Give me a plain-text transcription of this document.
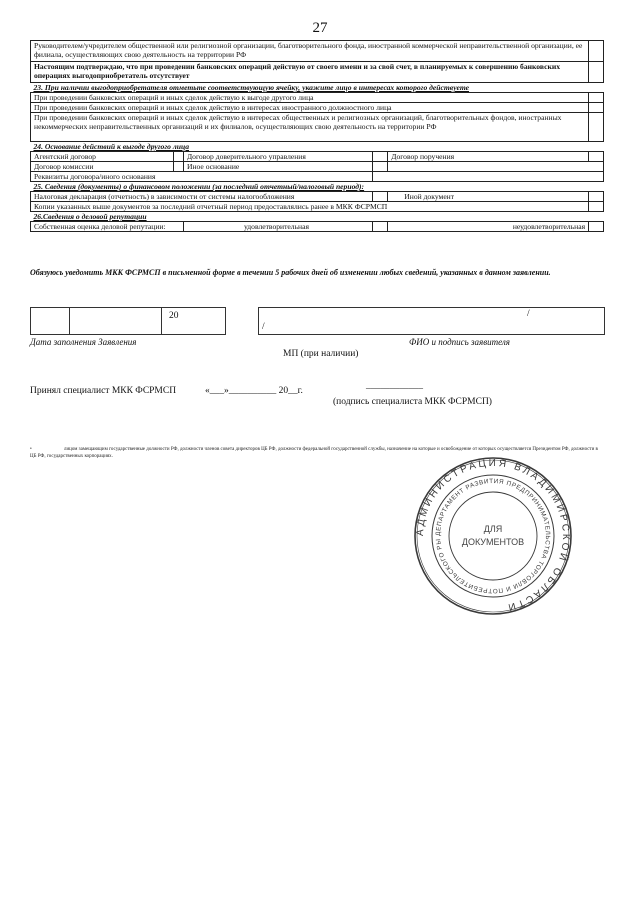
27
Руководителем/учредителем общественной или религиозной организации, благотворительного фонда, иностранной коммерческой неправительственной организации, ее филиала, осуществляющих свою деятельность на территории РФ					
Настоящим подтверждаю, что при проведении банковских операций действую от своего имени и за свой счет, в планируемых к совершению банковских операциях выгодоприобретатель отсутствует					
23. При наличии выгодоприобретателя отметьте соответствующую ячейку, укажите лицо в интересах которого действуете					
При проведении банковских операций и иных сделок действую к выгоде другого лица					
При проведении банковских операций и иных сделок действую в интересах иностранного должностного лица					
При проведении банковских операций и иных сделок действую в интересах общественных и религиозных организаций, благотворительных фондов, иностранных некоммерческих неправительственных организаций и их филиалов, осуществляющих свою деятельность на территории РФ					
24. Основание действий к выгоде другого лица					
Агентский договор		Договор доверительного управления		Договор поручения	
Договор комиссии		Иное основание			
Реквизиты договора/иного основания					
25. Сведения (документы) о финансовом положении (за последний отчетный/налоговый период):					
Налоговая декларация (отчетность) в зависимости от системы налогообложения				Иной документ	
Копии указанных выше документов за последний отчетный период предоставлялись ранее в МКК ФСРМСП					
26.Сведения о деловой репутации					
Собственная оценка деловой репутации:		удовлетворительная		неудовлетворительная	
Обязуюсь уведомить МКК ФСРМСП в письменной форме в течении 5 рабочих дней об изменении любых сведений, указанных в данном заявлении.
20
/
/
Дата заполнения Заявления	ФИО и подпись заявителя
МП (при наличии)
Принял специалист МКК ФСРМСП	«___»__________ 20__г.	____________
(подпись специалиста МКК ФСРМСП)
•	лицом замещающим государственные должности РФ, должности членов совета директоров ЦБ РФ, должности федеральной государственной службы, назначение на которые и освобождение от которых осуществляется Президентом РФ, должности в ЦБ РФ, государственных корпорациях.
АДМИНИСТРАЦИЯ ВЛАДИМИРСКОЙ ОБЛАСТИ
ДЕПАРТАМЕНТ РАЗВИТИЯ ПРЕДПРИНИМАТЕЛЬСТВА ТОРГОВЛИ И ПОТРЕБИТЕЛЬСКОГО РЫ
ДЛЯ
ДОКУМЕНТОВ
